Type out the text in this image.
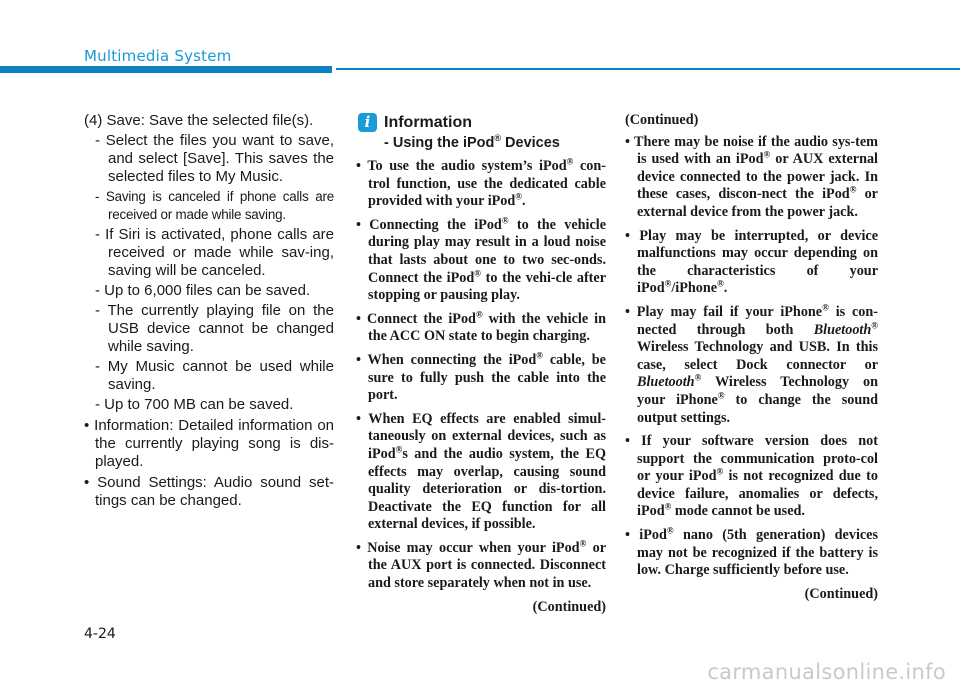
Multimedia System

(4) Save: Save the selected file(s).

- Select the files you want to save, and select [Save]. This saves the selected files to My Music.

- Saving is canceled if phone calls are received or made while saving.

- If Siri is activated, phone calls are received or made while sav-ing, saving will be canceled.

- Up to 6,000 files can be saved.

- The currently playing file on the USB device cannot be changed while saving.

- My Music cannot be used while saving.

- Up to 700 MB can be saved.

• Information: Detailed information on the currently playing song is dis-played.

• Sound Settings: Audio sound set-tings can be changed.

i Information
- Using the iPod® Devices

• To use the audio system’s iPod® con-trol function, use the dedicated cable provided with your iPod®.

• Connecting the iPod® to the vehicle during play may result in a loud noise that lasts about one to two sec-onds. Connect the iPod® to the vehi-cle after stopping or pausing play.

• Connect the iPod® with the vehicle in the ACC ON state to begin charging.

• When connecting the iPod® cable, be sure to fully push the cable into the port.

• When EQ effects are enabled simul-taneously on external devices, such as iPod®s and the audio system, the EQ effects may overlap, causing sound quality deterioration or dis-tortion. Deactivate the EQ function for all external devices, if possible.

• Noise may occur when your iPod® or the AUX port is connected. Disconnect and store separately when not in use.

(Continued)

(Continued)

• There may be noise if the audio sys-tem is used with an iPod® or AUX external device connected to the power jack. In these cases, discon-nect the iPod® or external device from the power jack.

• Play may be interrupted, or device malfunctions may occur depending on the characteristics of your iPod®/iPhone®.

• Play may fail if your iPhone® is con-nected through both Bluetooth® Wireless Technology and USB. In this case, select Dock connector or Bluetooth® Wireless Technology on your iPhone® to change the sound output settings.

• If your software version does not support the communication proto-col or your iPod® is not recognized due to device failure, anomalies or defects, iPod® mode cannot be used.

• iPod® nano (5th generation) devices may not be recognized if the battery is low. Charge sufficiently before use.

(Continued)

4-24
carmanualsonline.info
